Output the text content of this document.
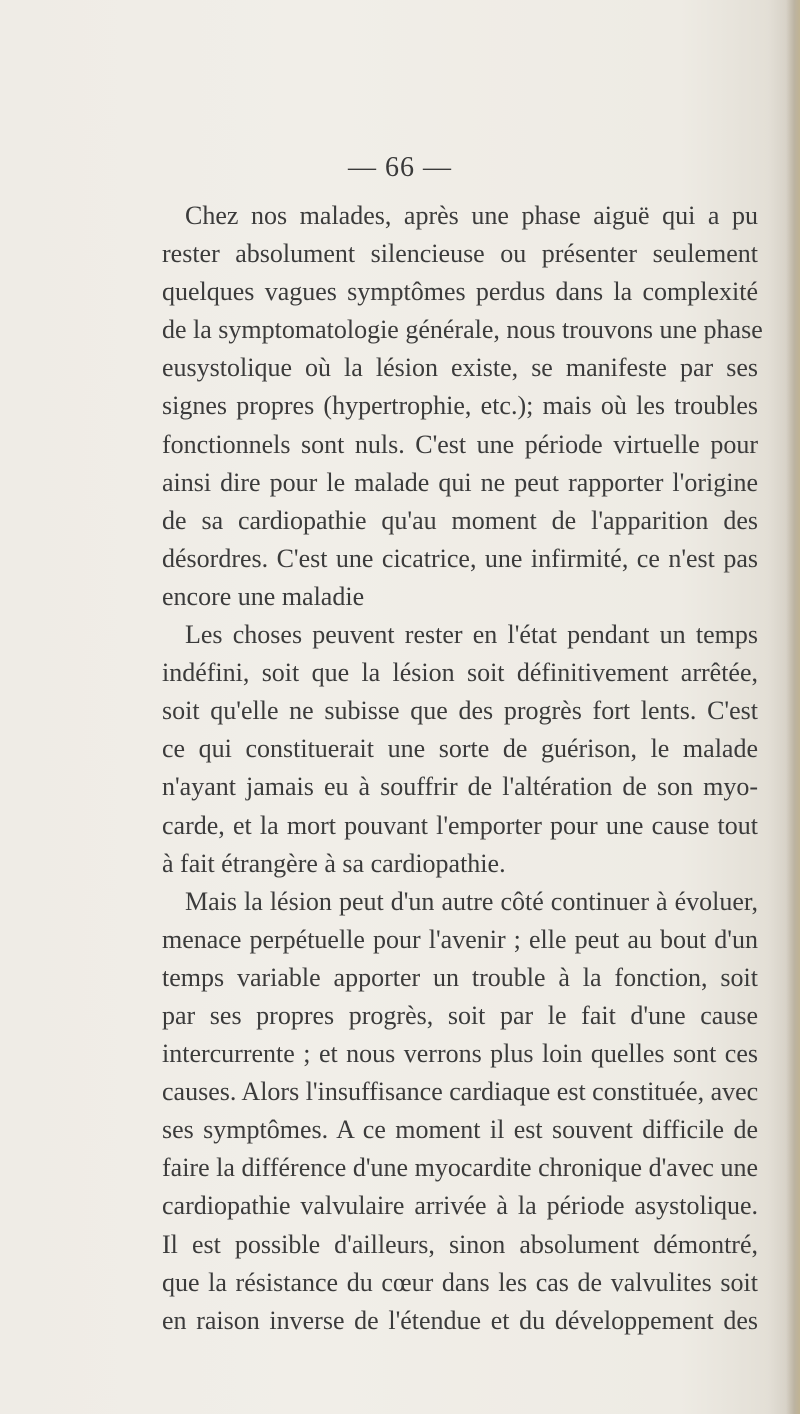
— 66 —
Chez nos malades, après une phase aiguë qui a pu
rester absolument silencieuse ou présenter seulement
quelques vagues symptômes perdus dans la complexité
de la symptomatologie générale, nous trouvons une phase
eusystolique où la lésion existe, se manifeste par ses
signes propres (hypertrophie, etc.); mais où les troubles
fonctionnels sont nuls. C'est une période virtuelle pour
ainsi dire pour le malade qui ne peut rapporter l'origine
de sa cardiopathie qu'au moment de l'apparition des
désordres. C'est une cicatrice, une infirmité, ce n'est pas
encore une maladie
Les choses peuvent rester en l'état pendant un temps
indéfini, soit que la lésion soit définitivement arrêtée,
soit qu'elle ne subisse que des progrès fort lents. C'est
ce qui constituerait une sorte de guérison, le malade
n'ayant jamais eu à souffrir de l'altération de son myo-
carde, et la mort pouvant l'emporter pour une cause tout
à fait étrangère à sa cardiopathie.
Mais la lésion peut d'un autre côté continuer à évoluer,
menace perpétuelle pour l'avenir ; elle peut au bout d'un
temps variable apporter un trouble à la fonction, soit
par ses propres progrès, soit par le fait d'une cause
intercurrente ; et nous verrons plus loin quelles sont ces
causes. Alors l'insuffisance cardiaque est constituée, avec
ses symptômes. A ce moment il est souvent difficile de
faire la différence d'une myocardite chronique d'avec une
cardiopathie valvulaire arrivée à la période asystolique.
Il est possible d'ailleurs, sinon absolument démontré,
que la résistance du cœur dans les cas de valvulites soit
en raison inverse de l'étendue et du développement des
